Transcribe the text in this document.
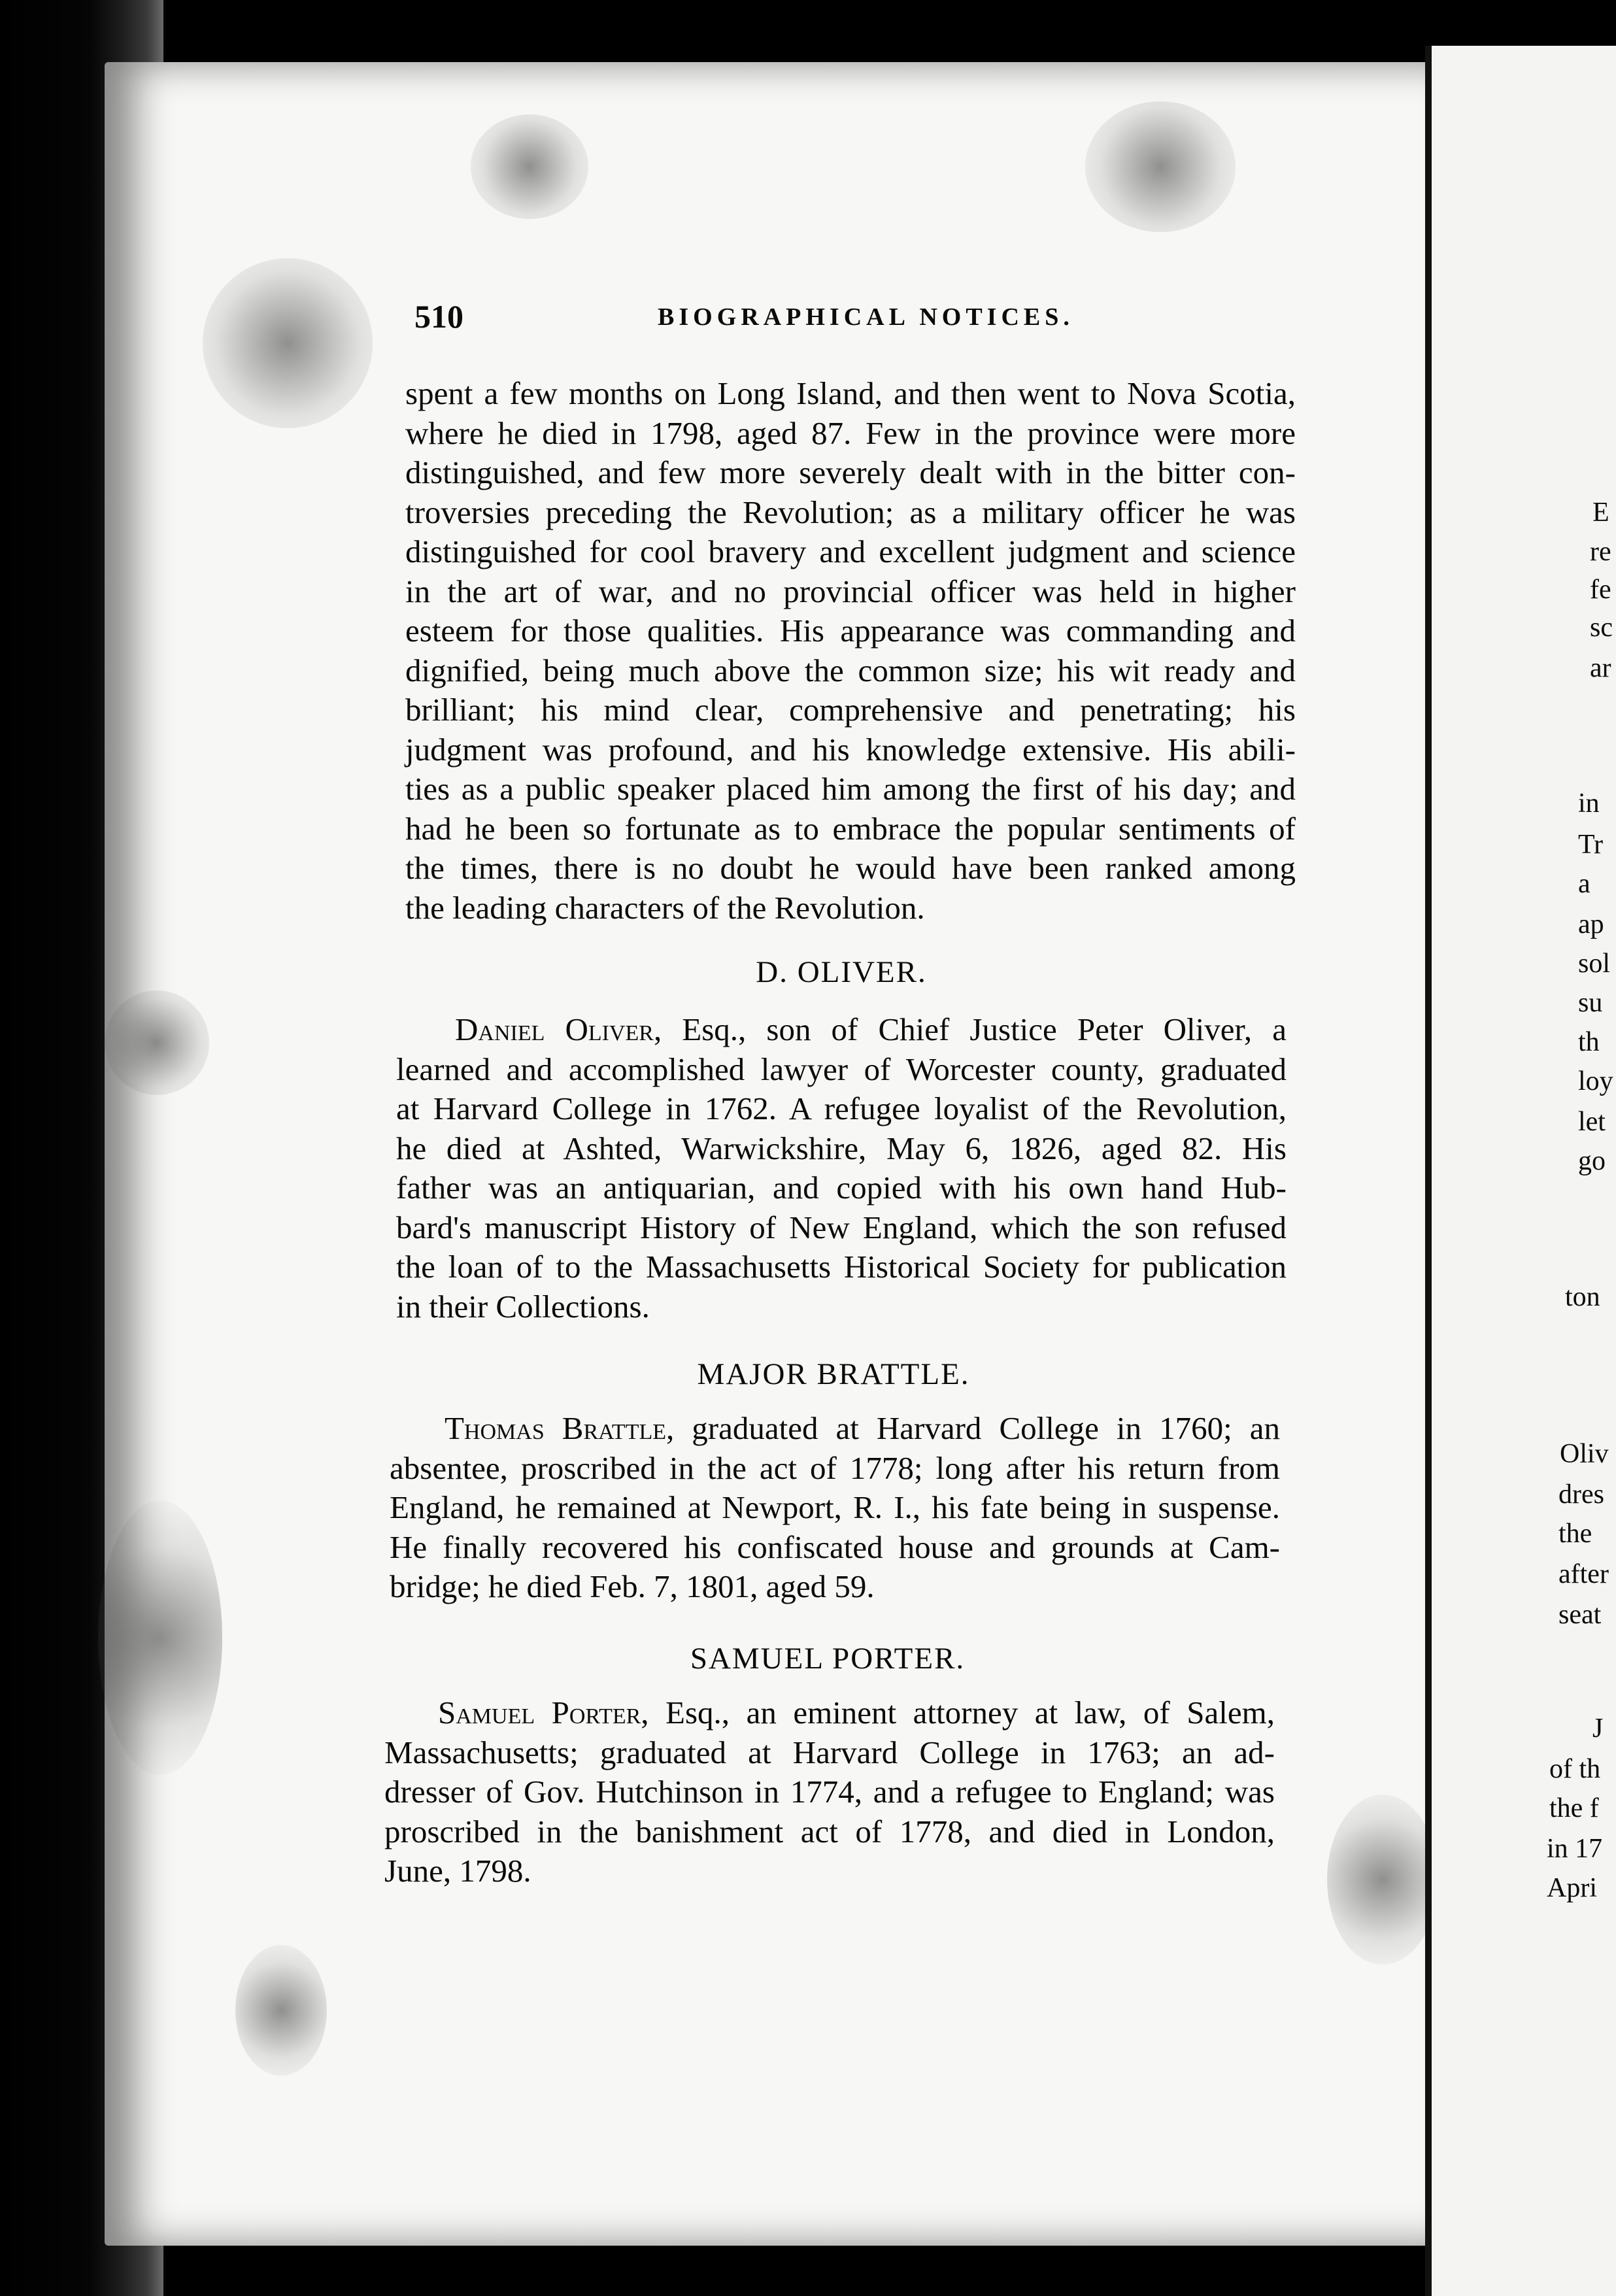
510	BIOGRAPHICAL NOTICES.
spent a few months on Long Island, and then went to Nova Scotia,
where he died in 1798, aged 87. Few in the province were more
distinguished, and few more severely dealt with in the bitter con-
troversies preceding the Revolution; as a military officer he was
distinguished for cool bravery and excellent judgment and science
in the art of war, and no provincial officer was held in higher
esteem for those qualities. His appearance was commanding and
dignified, being much above the common size; his wit ready and
brilliant; his mind clear, comprehensive and penetrating; his
judgment was profound, and his knowledge extensive. His abili-
ties as a public speaker placed him among the first of his day; and
had he been so fortunate as to embrace the popular sentiments of
the times, there is no doubt he would have been ranked among
the leading characters of the Revolution.
D. OLIVER.
Daniel Oliver, Esq., son of Chief Justice Peter Oliver, a
learned and accomplished lawyer of Worcester county, graduated
at Harvard College in 1762. A refugee loyalist of the Revolution,
he died at Ashted, Warwickshire, May 6, 1826, aged 82. His
father was an antiquarian, and copied with his own hand Hub-
bard's manuscript History of New England, which the son refused
the loan of to the Massachusetts Historical Society for publication
in their Collections.
MAJOR BRATTLE.
Thomas Brattle, graduated at Harvard College in 1760; an
absentee, proscribed in the act of 1778; long after his return from
England, he remained at Newport, R. I., his fate being in suspense.
He finally recovered his confiscated house and grounds at Cam-
bridge; he died Feb. 7, 1801, aged 59.
SAMUEL PORTER.
Samuel Porter, Esq., an eminent attorney at law, of Salem,
Massachusetts; graduated at Harvard College in 1763; an ad-
dresser of Gov. Hutchinson in 1774, and a refugee to England; was
proscribed in the banishment act of 1778, and died in London,
June, 1798.
E
re
fe
sc
ar
in
Tr
a
ap
sol
su
th
loy
let
go
ton
Oliv
dres
the
after
seat
J
of th
the f
in 17
Apri
